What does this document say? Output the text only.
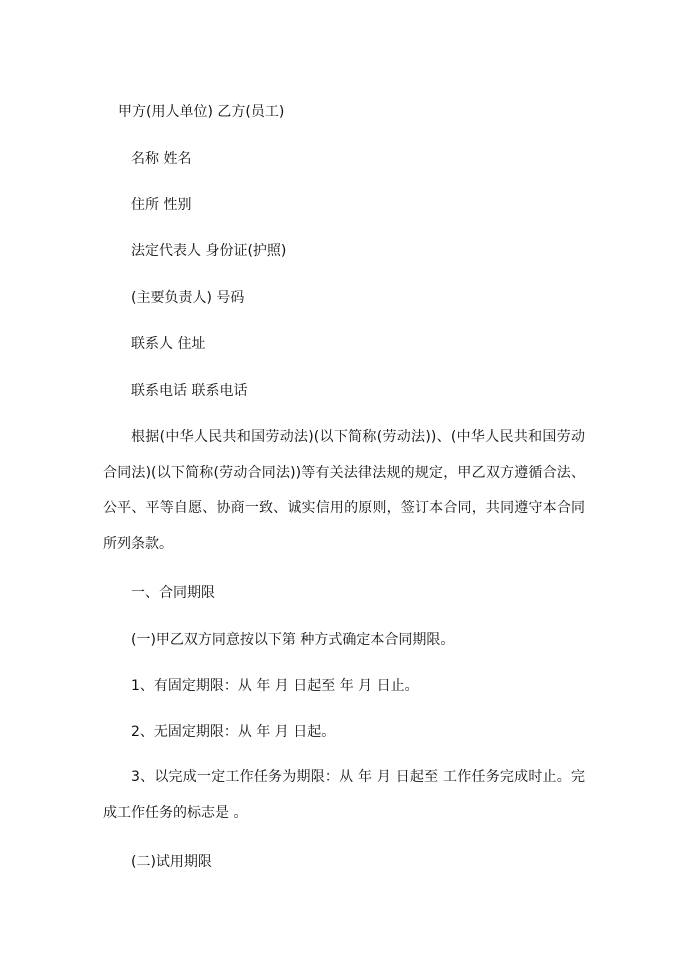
甲方(用人单位) 乙方(员工)
名称 姓名
住所 性别
法定代表人 身份证(护照)
(主要负责人) 号码
联系人 住址
联系电话 联系电话
根据(中华人民共和国劳动法)(以下简称(劳动法))、(中华人民共和国劳动合同法)(以下简称(劳动合同法))等有关法律法规的规定，甲乙双方遵循合法、公平、平等自愿、协商一致、诚实信用的原则，签订本合同，共同遵守本合同所列条款。
一、合同期限
(一)甲乙双方同意按以下第 种方式确定本合同期限。
1、有固定期限：从 年 月 日起至 年 月 日止。
2、无固定期限：从 年 月 日起。
3、以完成一定工作任务为期限：从 年 月 日起至 工作任务完成时止。完成工作任务的标志是 。
(二)试用期限
